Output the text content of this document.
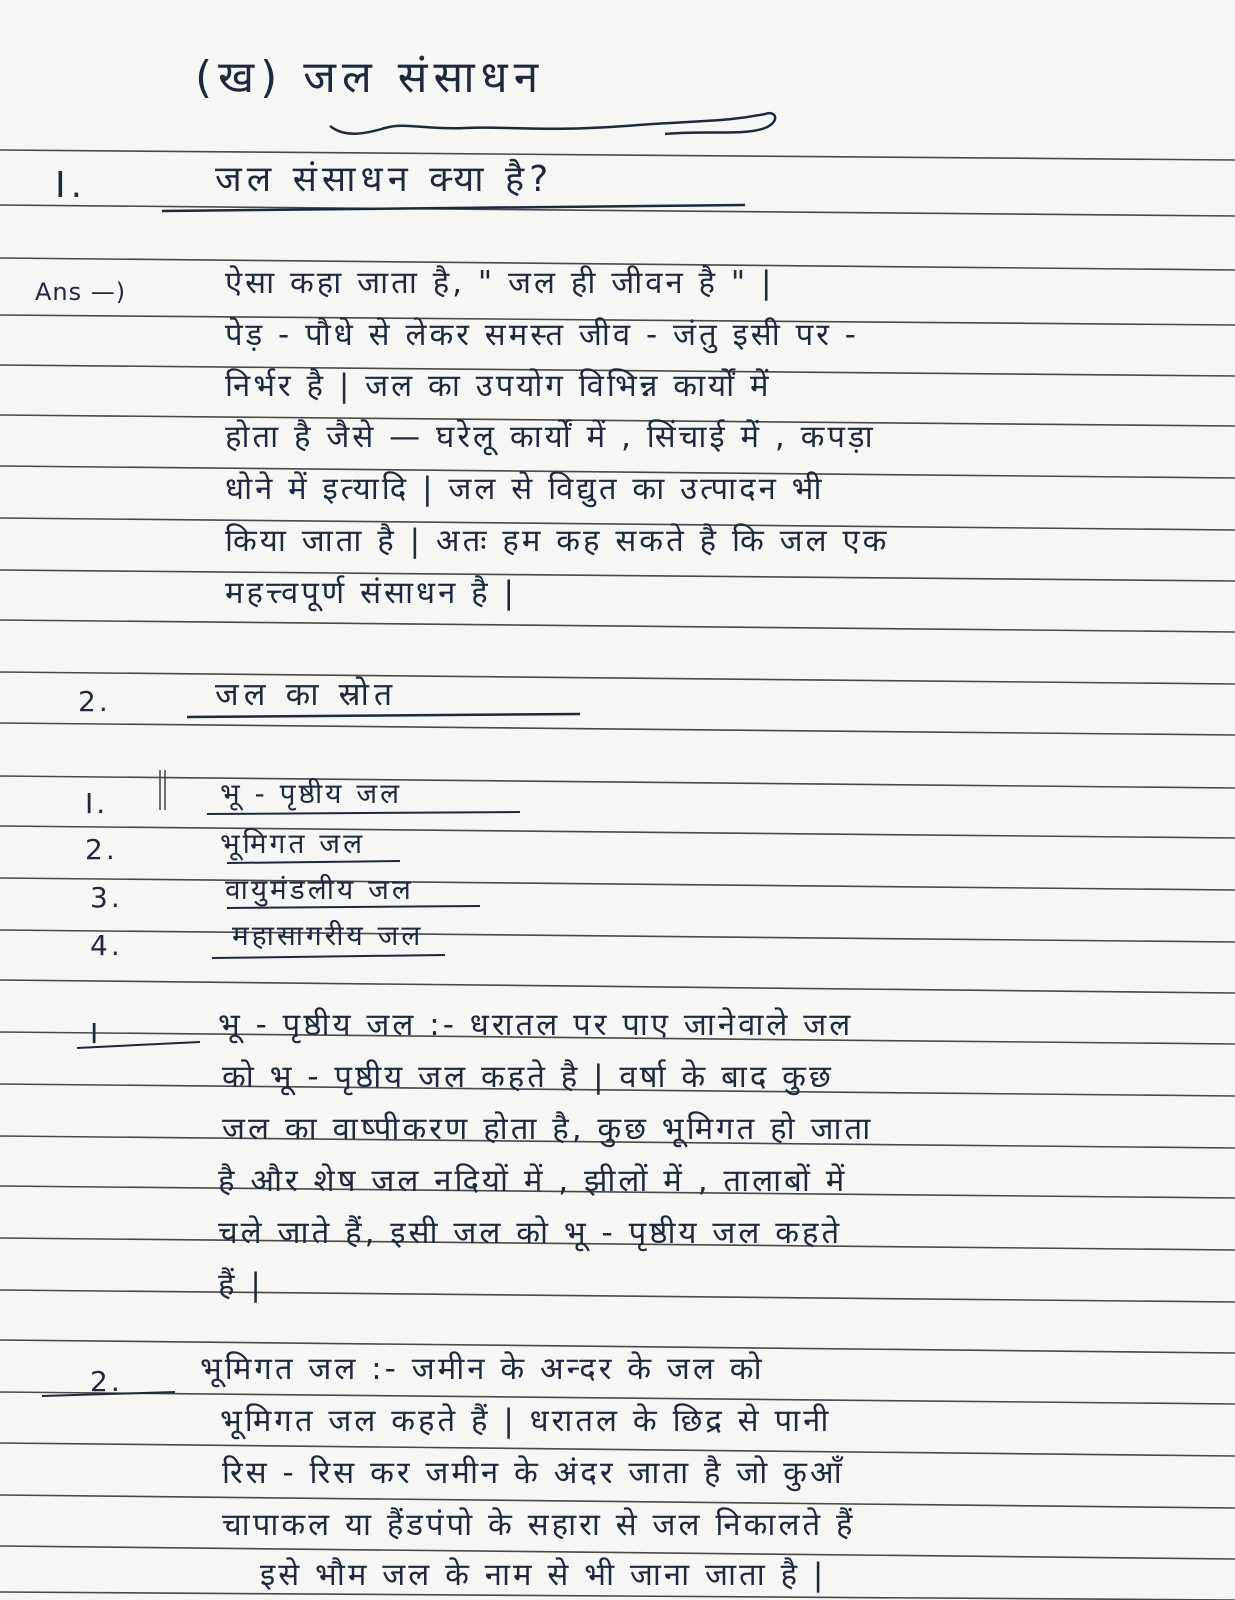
(ख) जल संसाधन
I.	जल संसाधन क्या है?
Ans —)	ऐसा कहा जाता है, " जल ही जीवन है " |
पेड़ - पौधे से लेकर समस्त जीव - जंतु इसी पर -
निर्भर है | जल का उपयोग विभिन्न कार्यों में
होता है जैसे — घरेलू कार्यों में , सिंचाई में , कपड़ा
धोने में इत्यादि | जल से विद्युत का उत्पादन भी
किया जाता है | अतः हम कह सकते है कि जल एक
महत्त्वपूर्ण संसाधन है |
2.	जल का स्रोत
I.	भू - पृष्ठीय जल
2.	भूमिगत जल
3.	वायुमंडलीय जल
4.	महासागरीय जल
I	भू - पृष्ठीय जल :- धरातल पर पाए जानेवाले जल
को भू - पृष्ठीय जल कहते है | वर्षा के बाद कुछ
जल का वाष्पीकरण होता है, कुछ भूमिगत हो जाता
है और शेष जल नदियों में , झीलों में , तालाबों में
चले जाते हैं, इसी जल को भू - पृष्ठीय जल कहते
हैं |
2. भूमिगत जल :- जमीन के अन्दर के जल को
भूमिगत जल कहते हैं | धरातल के छिद्र से पानी
रिस - रिस कर जमीन के अंदर जाता है जो कुआँ
चापाकल या हैंडपंपो के सहारा से जल निकालते हैं
इसे भौम जल के नाम से भी जाना जाता है |
